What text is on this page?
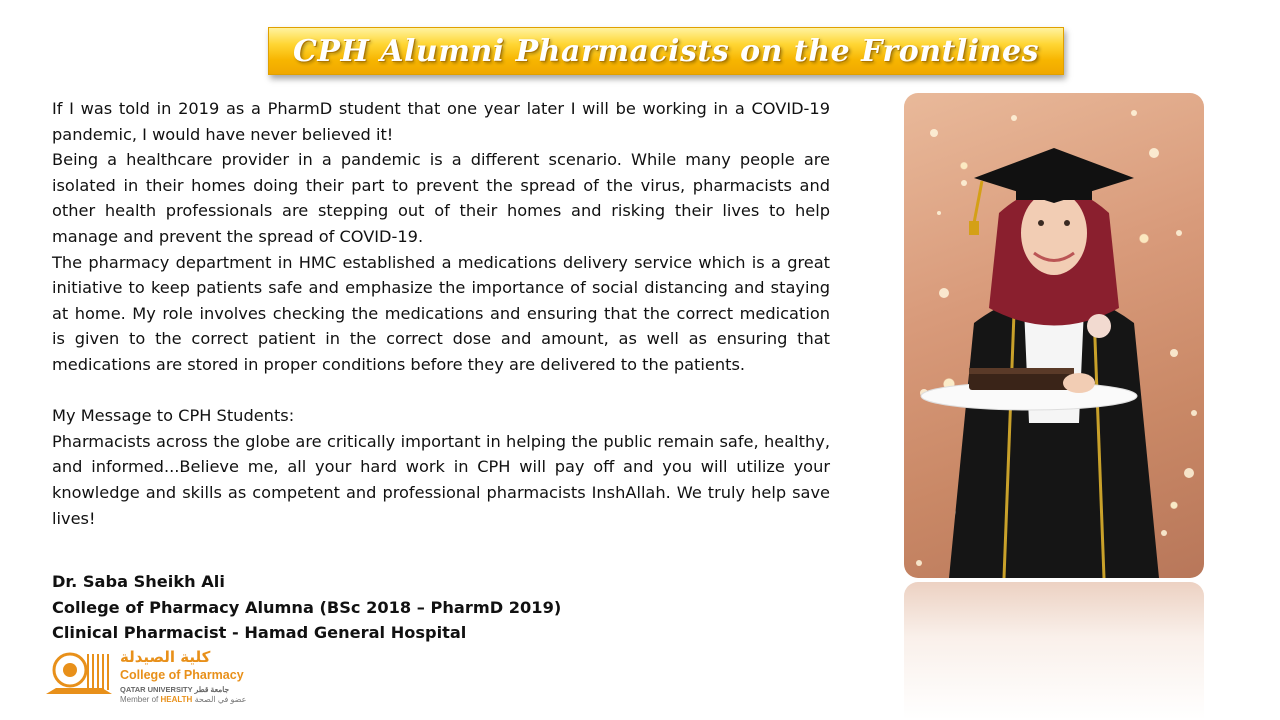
CPH Alumni Pharmacists on the Frontlines

If I was told in 2019 as a PharmD student that one year later I will be working in a COVID-19 pandemic, I would have never believed it!

Being a healthcare provider in a pandemic is a different scenario. While many people are isolated in their homes doing their part to prevent the spread of the virus, pharmacists and other health professionals are stepping out of their homes and risking their lives to help manage and prevent the spread of COVID-19.

The pharmacy department in HMC established a medications delivery service which is a great initiative to keep patients safe and emphasize the importance of social distancing and staying at home. My role involves checking the medications and ensuring that the correct medication is given to the correct patient in the correct dose and amount, as well as ensuring that medications are stored in proper conditions before they are delivered to the patients.

My Message to CPH Students:

Pharmacists across the globe are critically important in helping the public remain safe, healthy, and informed...Believe me, all your hard work in CPH will pay off and you will utilize your knowledge and skills as competent and professional pharmacists InshAllah. We truly help save lives!

Dr. Saba Sheikh Ali
College of Pharmacy Alumna (BSc 2018 – PharmD 2019)
Clinical Pharmacist - Hamad General Hospital
كلية الصيدلة
College of Pharmacy
QATAR UNIVERSITY جامعة قطر
Member of HEALTH عضو في الصحة
